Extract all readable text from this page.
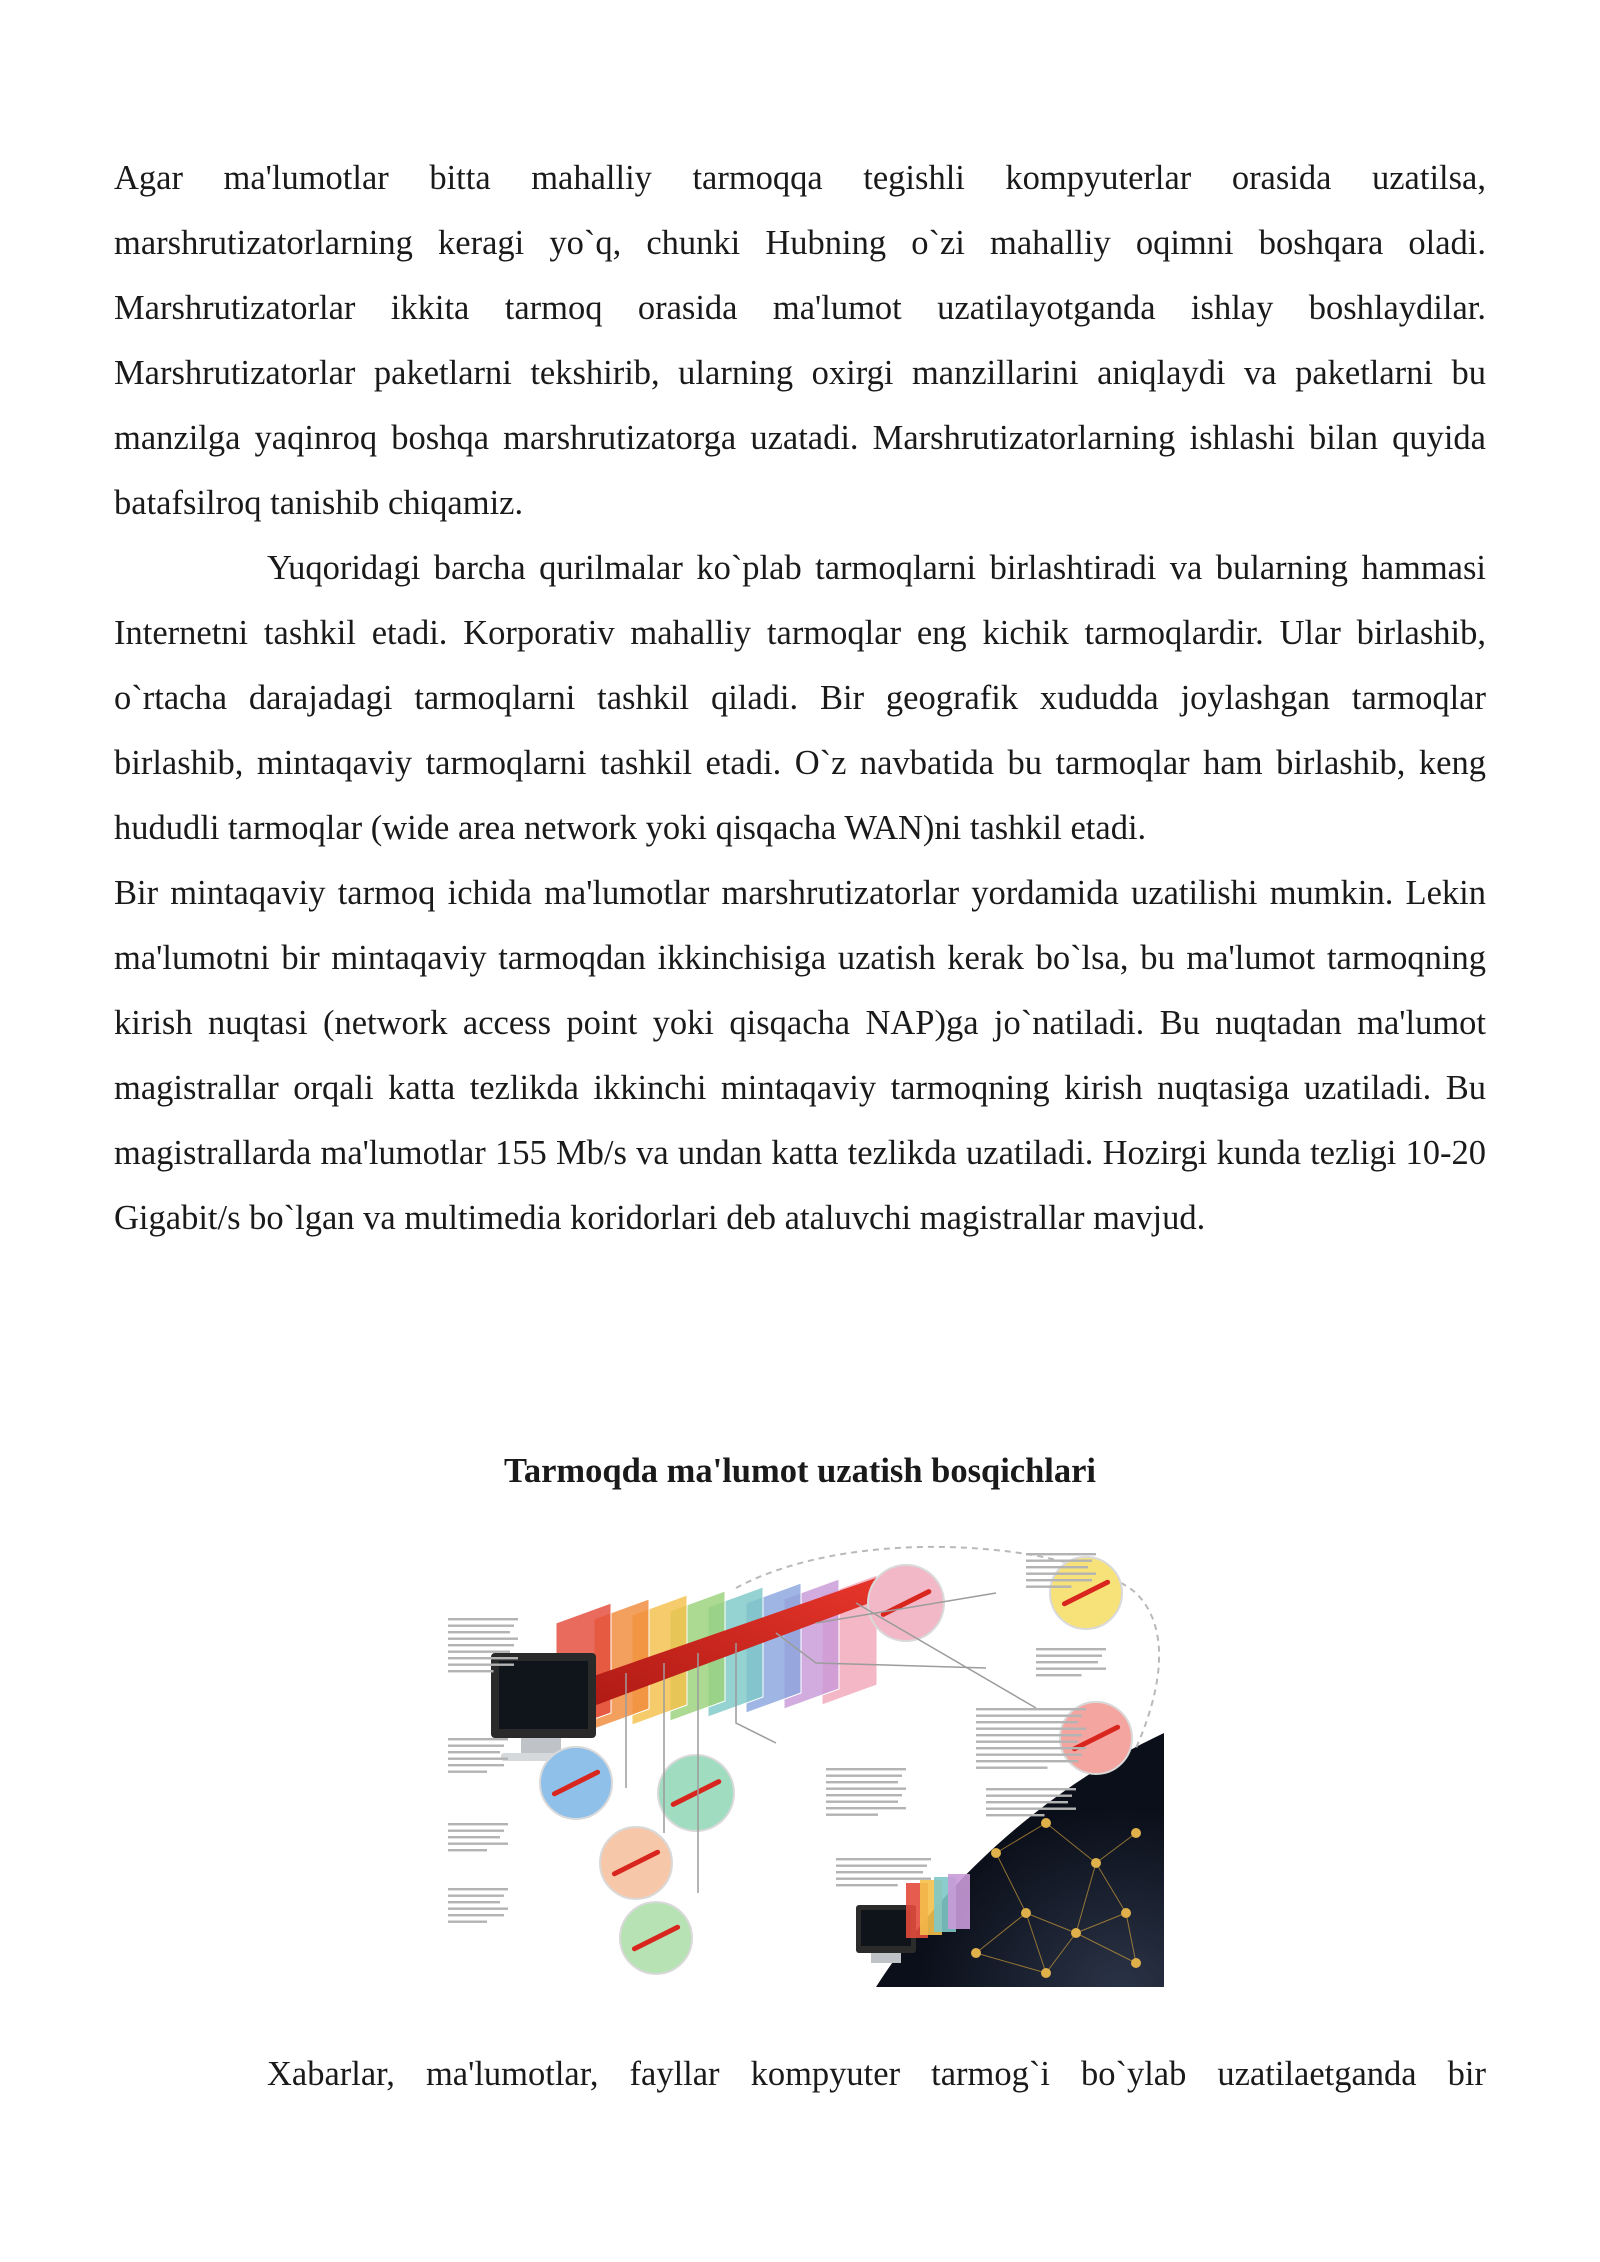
Agar ma'lumotlar bitta mahalliy tarmoqqa tegishli kompyuterlar orasida uzatilsa, marshrutizatorlarning keragi yo`q, chunki Hubning o`zi mahalliy oqimni boshqara oladi. Marshrutizatorlar ikkita tarmoq orasida ma'lumot uzatilayotganda ishlay boshlaydilar. Marshrutizatorlar paketlarni tekshirib, ularning oxirgi manzillarini aniqlaydi va paketlarni bu manzilga yaqinroq boshqa marshrutizatorga uzatadi. Marshrutizatorlarning ishlashi bilan quyida batafsilroq tanishib chiqamiz.

Yuqoridagi barcha qurilmalar ko`plab tarmoqlarni birlashtiradi va bularning hammasi Internetni tashkil etadi. Korporativ mahalliy tarmoqlar eng kichik tarmoqlardir. Ular birlashib, o`rtacha darajadagi tarmoqlarni tashkil qiladi. Bir geografik xududda joylashgan tarmoqlar birlashib, mintaqaviy tarmoqlarni tashkil etadi. O`z navbatida bu tarmoqlar ham birlashib, keng hududli tarmoqlar (wide area network yoki qisqacha WAN)ni tashkil etadi.

Bir mintaqaviy tarmoq ichida ma'lumotlar marshrutizatorlar yordamida uzatilishi mumkin. Lekin ma'lumotni bir mintaqaviy tarmoqdan ikkinchisiga uzatish kerak bo`lsa, bu ma'lumot tarmoqning kirish nuqtasi (network access point yoki qisqacha NAP)ga jo`natiladi. Bu nuqtadan ma'lumot magistrallar orqali katta tezlikda ikkinchi mintaqaviy tarmoqning kirish nuqtasiga uzatiladi. Bu magistrallarda ma'lumotlar 155 Mb/s va undan katta tezlikda uzatiladi. Hozirgi kunda tezligi 10-20 Gigabit/s bo`lgan va multimedia koridorlari deb ataluvchi magistrallar mavjud.

Tarmoqda ma'lumot uzatish bosqichlari

Xabarlar, ma'lumotlar, fayllar kompyuter tarmog`i bo`ylab uzatilaetganda bir
